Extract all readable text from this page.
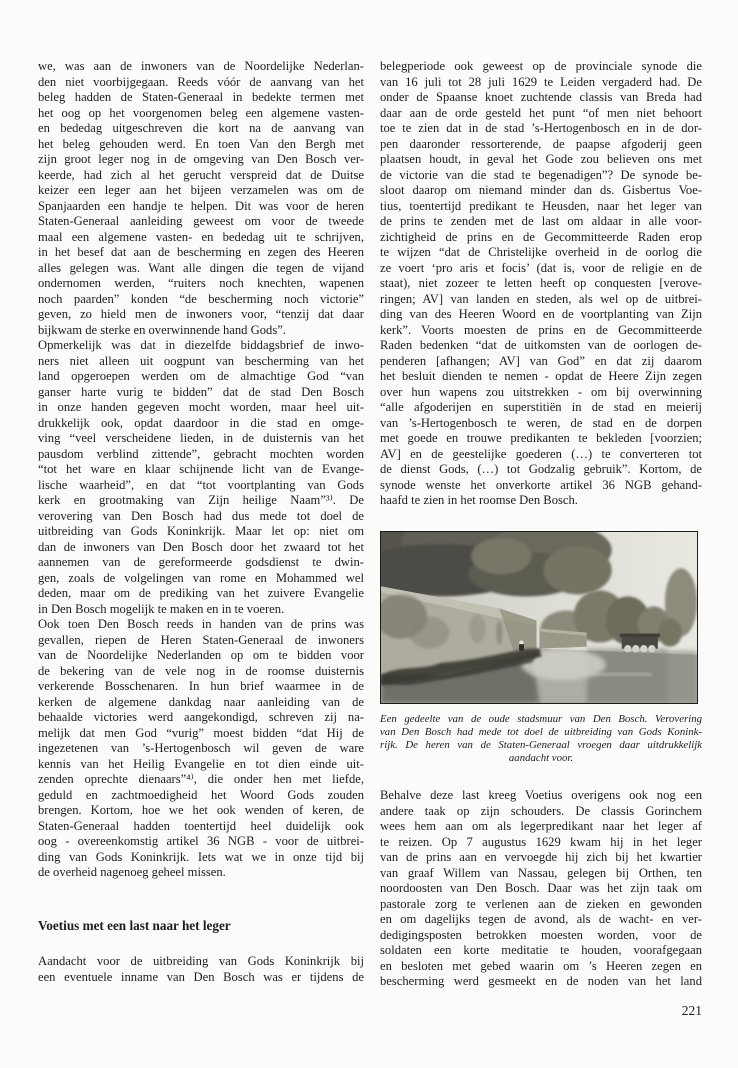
we, was aan de inwoners van de Noordelijke Nederlan-
den niet voorbijgegaan. Reeds vóór de aanvang van het
beleg hadden de Staten-Generaal in bedekte termen met
het oog op het voorgenomen beleg een algemene vasten-
en bededag uitgeschreven die kort na de aanvang van
het beleg gehouden werd. En toen Van den Bergh met
zijn groot leger nog in de omgeving van Den Bosch ver-
keerde, had zich al het gerucht verspreid dat de Duitse
keizer een leger aan het bijeen verzamelen was om de
Spanjaarden een handje te helpen. Dit was voor de heren
Staten-Generaal aanleiding geweest om voor de tweede
maal een algemene vasten- en bededag uit te schrijven,
in het besef dat aan de bescherming en zegen des Heeren
alles gelegen was. Want alle dingen die tegen de vijand
ondernomen werden, “ruiters noch knechten, wapenen
noch paarden” konden “de bescherming noch victorie”
geven, zo hield men de inwoners voor, “tenzij dat daar
bijkwam de sterke en overwinnende hand Gods”.
Opmerkelijk was dat in diezelfde biddagsbrief de inwo-
ners niet alleen uit oogpunt van bescherming van het
land opgeroepen werden om de almachtige God “van
ganser harte vurig te bidden” dat de stad Den Bosch
in onze handen gegeven mocht worden, maar heel uit-
drukkelijk ook, opdat daardoor in die stad en omge-
ving “veel verscheidene lieden, in de duisternis van het
pausdom verblind zittende”, gebracht mochten worden
“tot het ware en klaar schijnende licht van de Evange-
lische waarheid”, en dat “tot voortplanting van Gods
kerk en grootmaking van Zijn heilige Naam”³⁾. De
verovering van Den Bosch had dus mede tot doel de
uitbreiding van Gods Koninkrijk. Maar let op: niet om
dan de inwoners van Den Bosch door het zwaard tot het
aannemen van de gereformeerde godsdienst te dwin-
gen, zoals de volgelingen van rome en Mohammed wel
deden, maar om de prediking van het zuivere Evangelie
in Den Bosch mogelijk te maken en in te voeren.
Ook toen Den Bosch reeds in handen van de prins was
gevallen, riepen de Heren Staten-Generaal de inwoners
van de Noordelijke Nederlanden op om te bidden voor
de bekering van de vele nog in de roomse duisternis
verkerende Bosschenaren. In hun brief waarmee in de
kerken de algemene dankdag naar aanleiding van de
behaalde victories werd aangekondigd, schreven zij na-
melijk dat men God “vurig” moest bidden “dat Hij de
ingezetenen van ’s-Hertogenbosch wil geven de ware
kennis van het Heilig Evangelie en tot dien einde uit-
zenden oprechte dienaars”⁴⁾, die onder hen met liefde,
geduld en zachtmoedigheid het Woord Gods zouden
brengen. Kortom, hoe we het ook wenden of keren, de
Staten-Generaal hadden toentertijd heel duidelijk ook
oog - overeenkomstig artikel 36 NGB - voor de uitbrei-
ding van Gods Koninkrijk. Iets wat we in onze tijd bij
de overheid nagenoeg geheel missen.
Voetius met een last naar het leger
Aandacht voor de uitbreiding van Gods Koninkrijk bij
een eventuele inname van Den Bosch was er tijdens de
belegperiode ook geweest op de provinciale synode die
van 16 juli tot 28 juli 1629 te Leiden vergaderd had. De
onder de Spaanse knoet zuchtende classis van Breda had
daar aan de orde gesteld het punt “of men niet behoort
toe te zien dat in de stad ’s-Hertogenbosch en in de dor-
pen daaronder ressorterende, de paapse afgoderij geen
plaatsen houdt, in geval het Gode zou believen ons met
de victorie van die stad te begenadigen”? De synode be-
sloot daarop om niemand minder dan ds. Gisbertus Voe-
tius, toentertijd predikant te Heusden, naar het leger van
de prins te zenden met de last om aldaar in alle voor-
zichtigheid de prins en de Gecommitteerde Raden erop
te wijzen “dat de Christelijke overheid in de oorlog die
ze voert ‘pro aris et focis’ (dat is, voor de religie en de
staat), niet zozeer te letten heeft op conquesten [verove-
ringen; AV] van landen en steden, als wel op de uitbrei-
ding van des Heeren Woord en de voortplanting van Zijn
kerk”. Voorts moesten de prins en de Gecommitteerde
Raden bedenken “dat de uitkomsten van de oorlogen de-
penderen [afhangen; AV] van God” en dat zij daarom
het besluit dienden te nemen - opdat de Heere Zijn zegen
over hun wapens zou uitstrekken - om bij overwinning
“alle afgoderijen en superstitiën in de stad en meierij
van ’s-Hertogenbosch te weren, de stad en de dorpen
met goede en trouwe predikanten te bekleden [voorzien;
AV] en de geestelijke goederen (…) te converteren tot
de dienst Gods, (…) tot Godzalig gebruik”. Kortom, de
synode wenste het onverkorte artikel 36 NGB gehand-
haafd te zien in het roomse Den Bosch.
Een gedeelte van de oude stadsmuur van Den Bosch. Verovering
van Den Bosch had mede tot doel de uitbreiding van Gods Konink-
rijk. De heren van de Staten-Generaal vroegen daar uitdrukkelijk
aandacht voor.
Behalve deze last kreeg Voetius overigens ook nog een
andere taak op zijn schouders. De classis Gorinchem
wees hem aan om als legerpredikant naar het leger af
te reizen. Op 7 augustus 1629 kwam hij in het leger
van de prins aan en vervoegde hij zich bij het kwartier
van graaf Willem van Nassau, gelegen bij Orthen, ten
noordoosten van Den Bosch. Daar was het zijn taak om
pastorale zorg te verlenen aan de zieken en gewonden
en om dagelijks tegen de avond, als de wacht- en ver-
dedigingsposten betrokken moesten worden, voor de
soldaten een korte meditatie te houden, voorafgegaan
en besloten met gebed waarin om ’s Heeren zegen en
bescherming werd gesmeekt en de noden van het land
221
